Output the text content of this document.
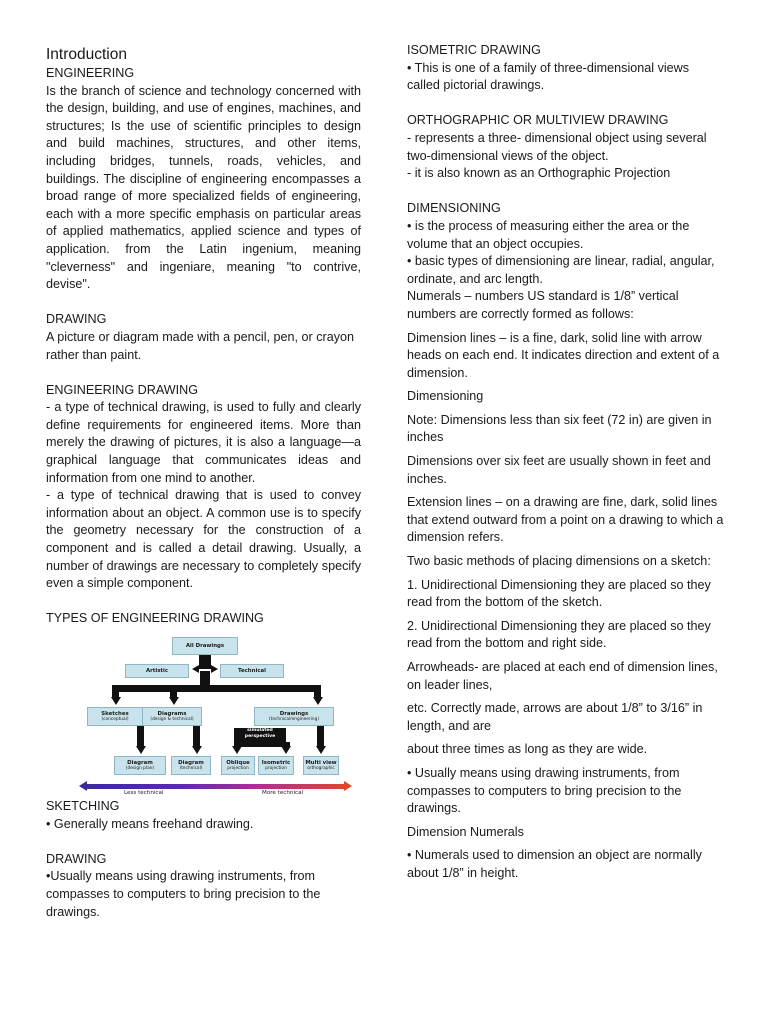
Introduction

ENGINEERING

Is the branch of science and technology concerned with the design, building, and use of engines, machines, and structures; Is the use of scientific principles to design and build machines, structures, and other items, including bridges, tunnels, roads, vehicles, and buildings. The discipline of engineering encompasses a broad range of more specialized fields of engineering, each with a more specific emphasis on particular areas of applied mathematics, applied science and types of application. from the Latin ingenium, meaning "cleverness" and ingeniare, meaning "to contrive, devise".

DRAWING

A picture or diagram made with a pencil, pen, or crayon rather than paint.

ENGINEERING DRAWING

- a type of technical drawing, is used to fully and clearly define requirements for engineered items. More than merely the drawing of pictures, it is also a language—a graphical language that communicates ideas and information from one mind to another.

- a type of technical drawing that is used to convey information about an object. A common use is to specify the geometry necessary for the construction of a component and is called a detail drawing. Usually, a number of drawings are necessary to completely specify even a simple component.

TYPES OF ENGINEERING DRAWING

All Drawings
Artistic	Technical
Sketches
(conceptual)
Diagrams
(design & technical)
Drawings
(technical/engineering)
simulated
perspective
Diagram
(design plan)
Diagram
(technical)
Oblique
projection
Isometric
projection
Multi view
orthographic
Less technical	More technical

SKETCHING

• Generally means freehand drawing.

DRAWING

•Usually means using drawing instruments, from compasses to computers to bring precision to the drawings.

ISOMETRIC DRAWING

• This is one of a family of three-dimensional views called pictorial drawings.

ORTHOGRAPHIC OR MULTIVIEW DRAWING

- represents a three- dimensional object using several two-dimensional views of the object.

- it is also known as an Orthographic Projection

DIMENSIONING

• is the process of measuring either the area or the volume that an object occupies.

• basic types of dimensioning are linear, radial, angular, ordinate, and arc length.

Numerals – numbers US standard is 1/8” vertical numbers are correctly formed as follows:

Dimension lines – is a fine, dark, solid line with arrow heads on each end. It indicates direction and extent of a dimension.

Dimensioning

Note: Dimensions less than six feet (72 in) are given in inches

Dimensions over six feet are usually shown in feet and inches.

Extension lines – on a drawing are fine, dark, solid lines that extend outward from a point on a drawing to which a dimension refers.

Two basic methods of placing dimensions on a sketch:

1. Unidirectional Dimensioning they are placed so they read from the bottom of the sketch.

2. Unidirectional Dimensioning they are placed so they read from the bottom and right side.

Arrowheads- are placed at each end of dimension lines, on leader lines,

etc. Correctly made, arrows are about 1/8” to 3/16” in length, and are

about three times as long as they are wide.

• Usually means using drawing instruments, from compasses to computers to bring precision to the drawings.

Dimension Numerals

• Numerals used to dimension an object are normally about 1/8” in height.
